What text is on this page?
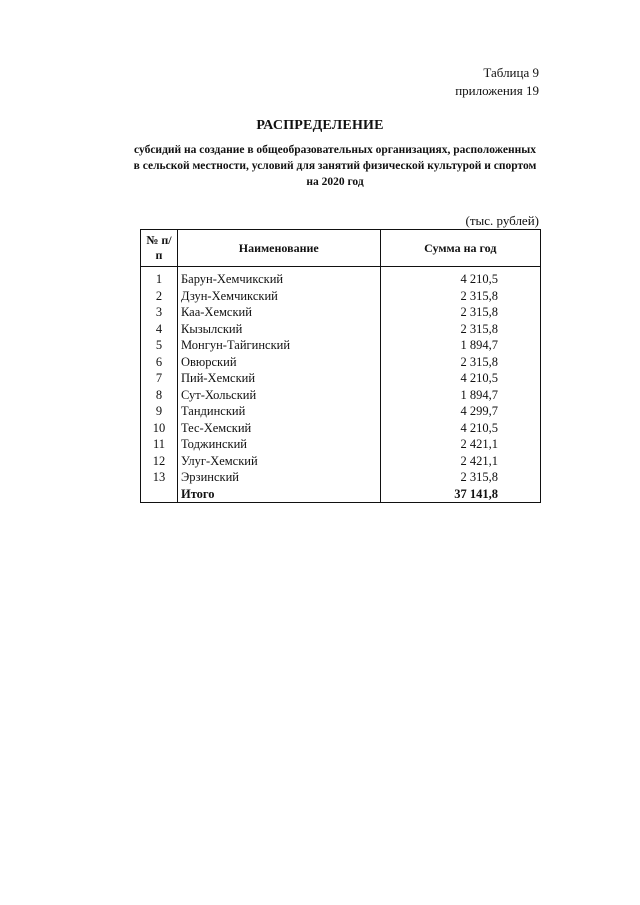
Таблица 9
приложения 19
РАСПРЕДЕЛЕНИЕ
субсидий на создание в общеобразовательных организациях, расположенных в сельской местности, условий для занятий физической культурой и спортом на 2020 год
(тыс. рублей)
№ п/п	Наименование	Сумма на год

1	Барун-Хемчикский	4 210,5
2	Дзун-Хемчикский	2 315,8
3	Каа-Хемский	2 315,8
4	Кызылский	2 315,8
5	Монгун-Тайгинский	1 894,7
6	Овюрский	2 315,8
7	Пий-Хемский	4 210,5
8	Сут-Хольский	1 894,7
9	Тандинский	4 299,7
10	Тес-Хемский	4 210,5
11	Тоджинский	2 421,1
12	Улуг-Хемский	2 421,1
13	Эрзинский	2 315,8
	Итого	37 141,8
